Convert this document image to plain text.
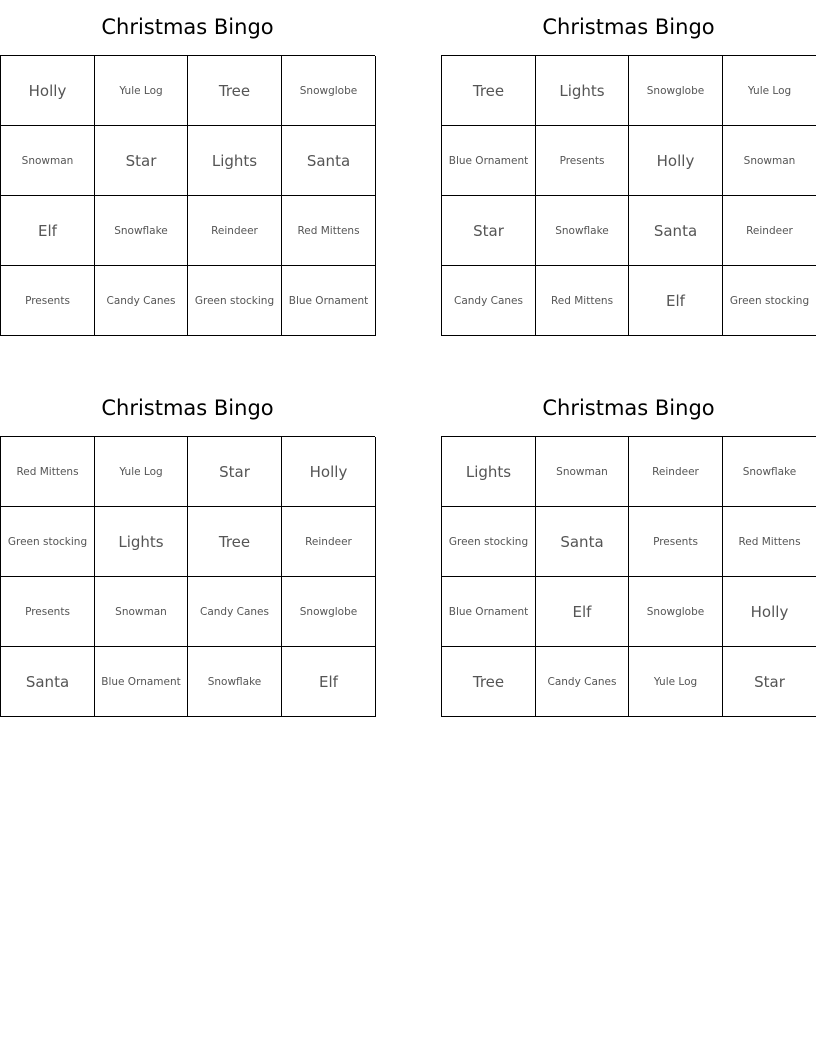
Christmas Bingo
Holly	Yule Log	Tree	Snowglobe
Snowman	Star	Lights	Santa
Elf	Snowflake	Reindeer	Red Mittens
Presents	Candy Canes	Green stocking	Blue Ornament
Christmas Bingo
Tree	Lights	Snowglobe	Yule Log
Blue Ornament	Presents	Holly	Snowman
Star	Snowflake	Santa	Reindeer
Candy Canes	Red Mittens	Elf	Green stocking
Christmas Bingo
Red Mittens	Yule Log	Star	Holly
Green stocking	Lights	Tree	Reindeer
Presents	Snowman	Candy Canes	Snowglobe
Santa	Blue Ornament	Snowflake	Elf
Christmas Bingo
Lights	Snowman	Reindeer	Snowflake
Green stocking	Santa	Presents	Red Mittens
Blue Ornament	Elf	Snowglobe	Holly
Tree	Candy Canes	Yule Log	Star
